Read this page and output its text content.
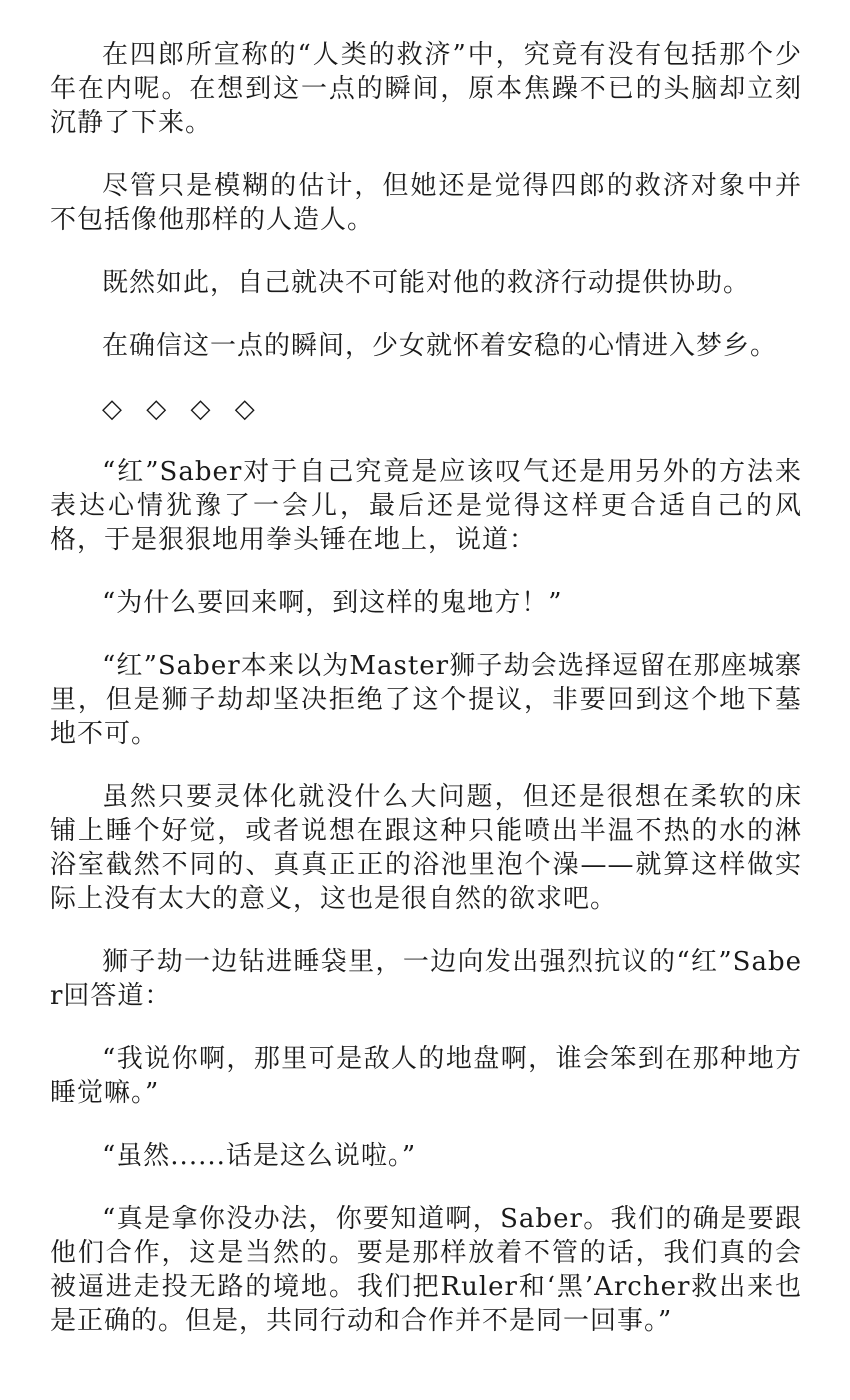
在四郎所宣称的“人类的救济”中，究竟有没有包括那个少年在内呢。在想到这一点的瞬间，原本焦躁不已的头脑却立刻沉静了下来。

尽管只是模糊的估计，但她还是觉得四郎的救济对象中并不包括像他那样的人造人。

既然如此，自己就决不可能对他的救济行动提供协助。

在确信这一点的瞬间，少女就怀着安稳的心情进入梦乡。

◇ ◇ ◇ ◇

“红”Saber对于自己究竟是应该叹气还是用另外的方法来表达心情犹豫了一会儿，最后还是觉得这样更合适自己的风格，于是狠狠地用拳头锤在地上，说道：

“为什么要回来啊，到这样的鬼地方！”

“红”Saber本来以为Master狮子劫会选择逗留在那座城寨里，但是狮子劫却坚决拒绝了这个提议，非要回到这个地下墓地不可。

虽然只要灵体化就没什么大问题，但还是很想在柔软的床铺上睡个好觉，或者说想在跟这种只能喷出半温不热的水的淋浴室截然不同的、真真正正的浴池里泡个澡——就算这样做实际上没有太大的意义，这也是很自然的欲求吧。

狮子劫一边钻进睡袋里，一边向发出强烈抗议的“红”Saber回答道：

“我说你啊，那里可是敌人的地盘啊，谁会笨到在那种地方睡觉嘛。”

“虽然......话是这么说啦。”

“真是拿你没办法，你要知道啊，Saber。我们的确是要跟他们合作，这是当然的。要是那样放着不管的话，我们真的会被逼进走投无路的境地。我们把Ruler和‘黑’Archer救出来也是正确的。但是，共同行动和合作并不是同一回事。”
